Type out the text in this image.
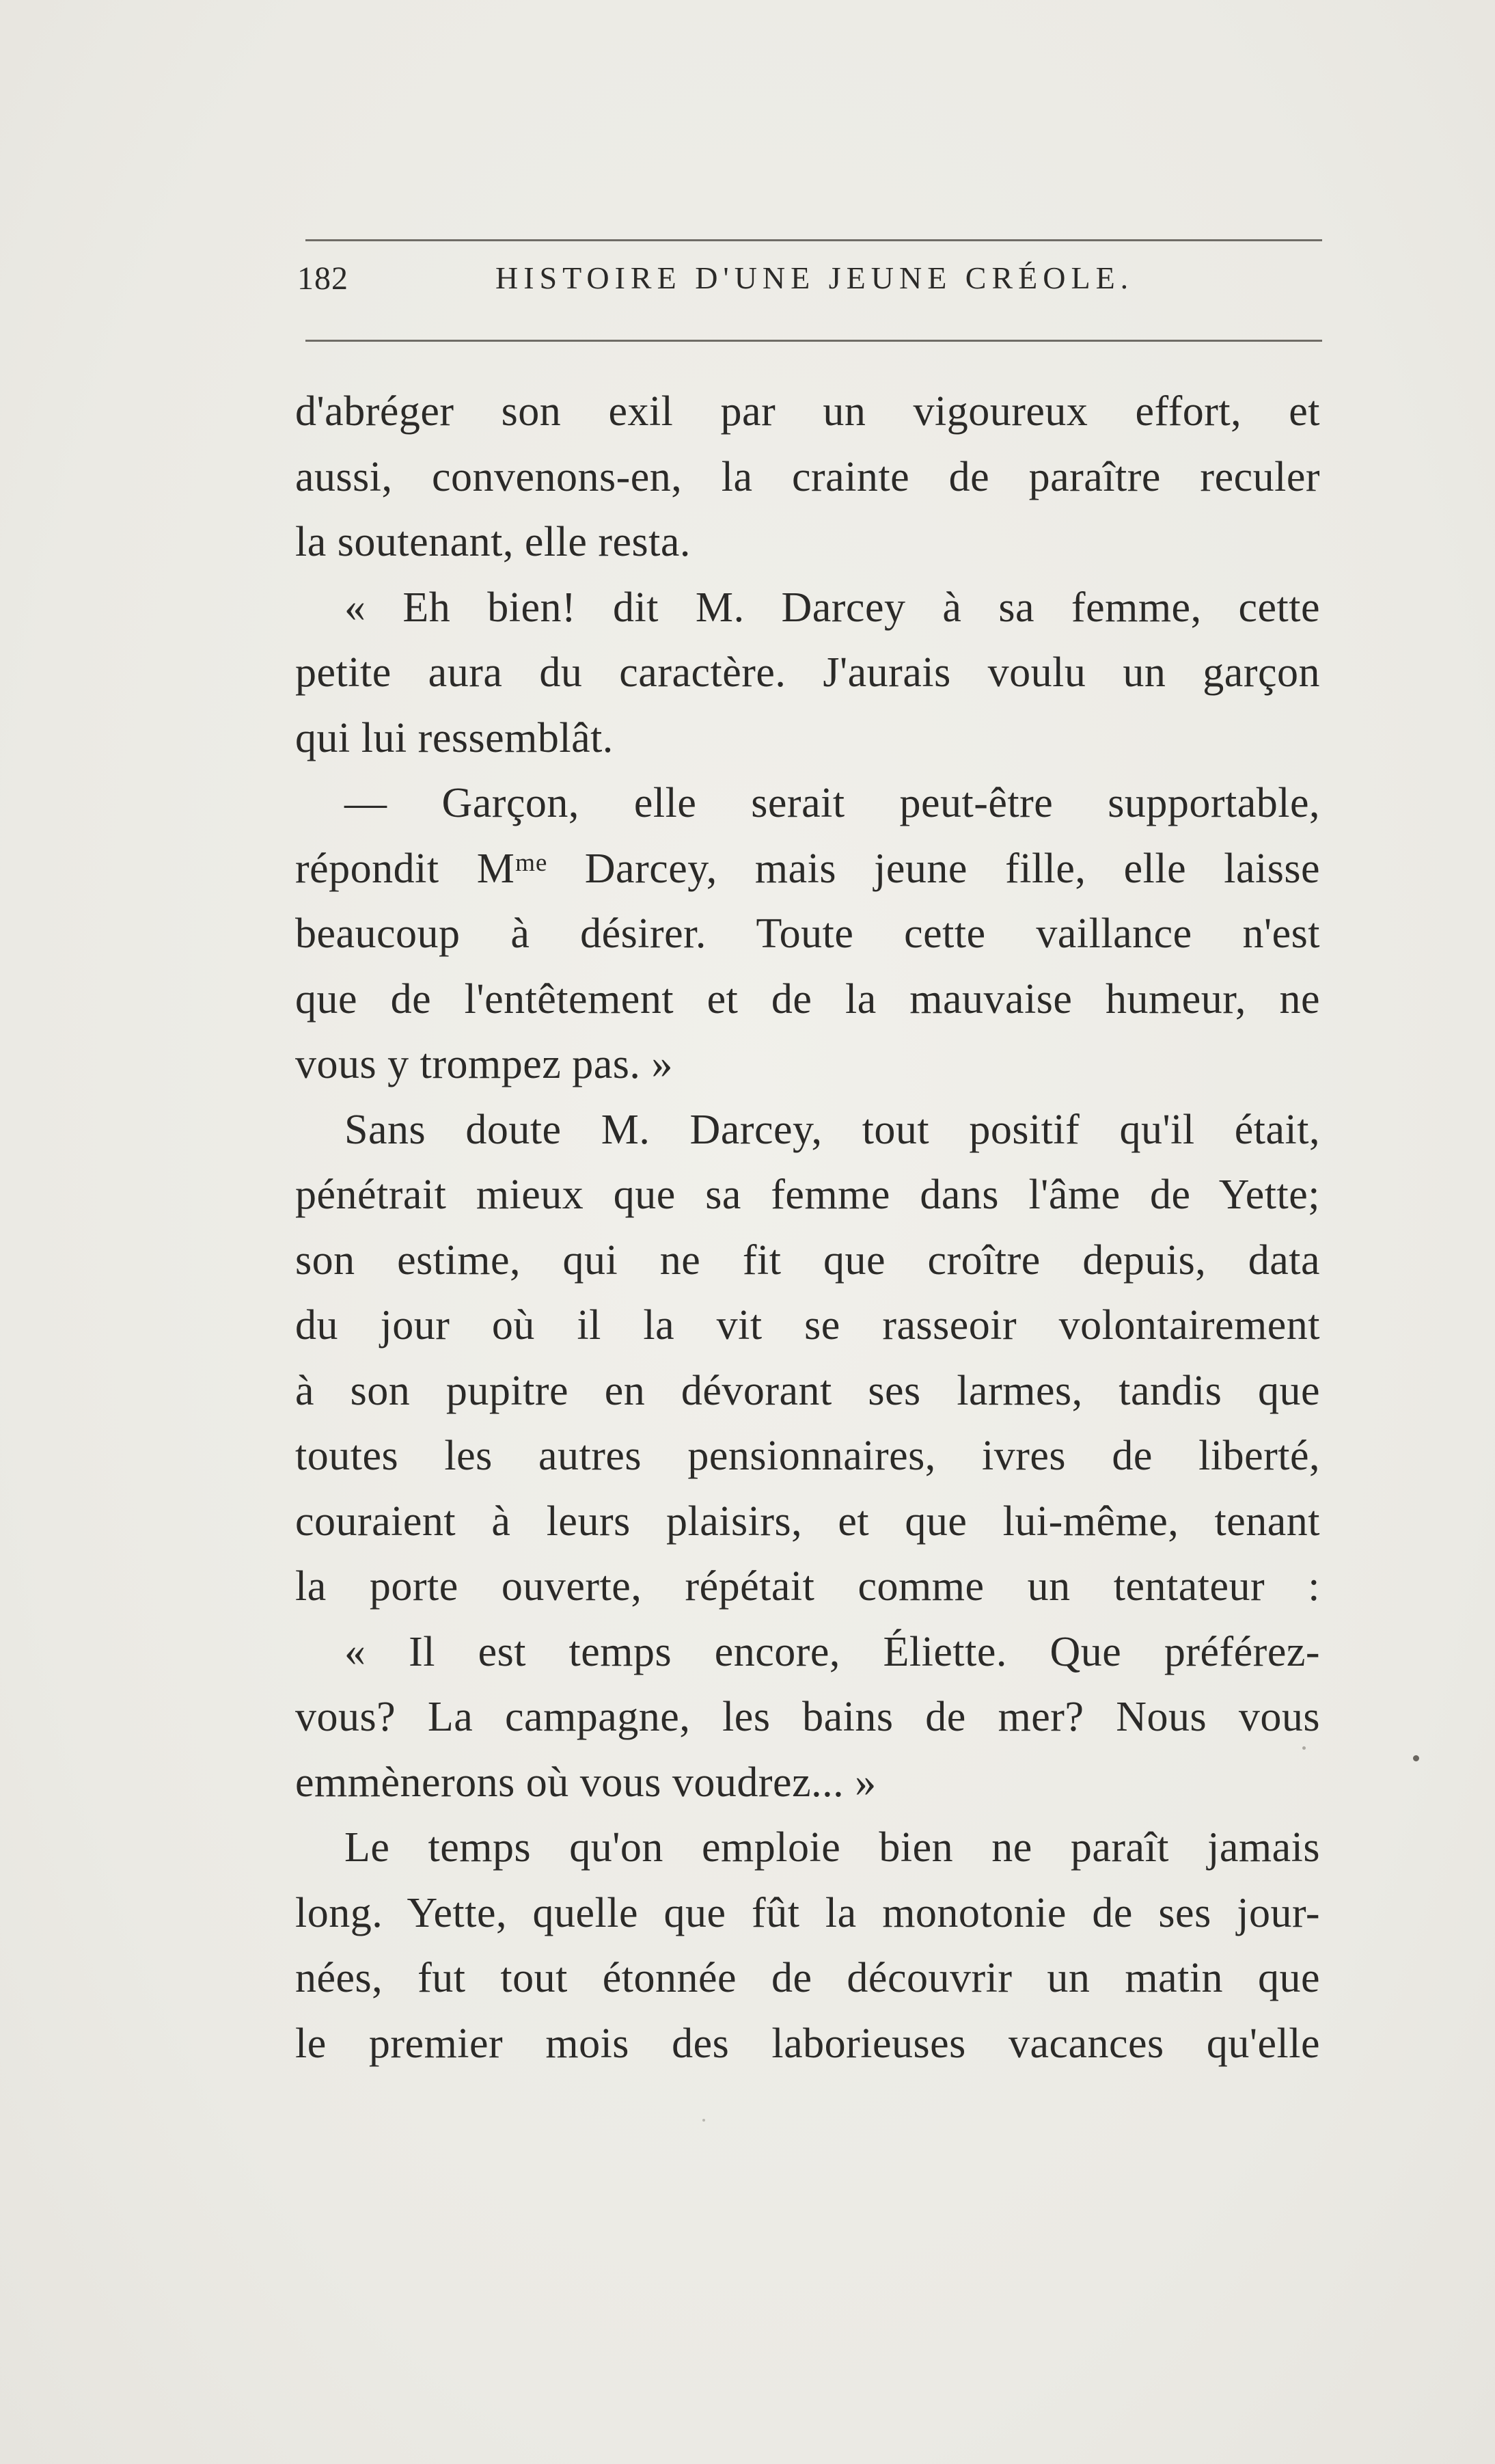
182	HISTOIRE D'UNE JEUNE CRÉOLE.
d'abréger son exil par un vigoureux effort, et
aussi, convenons-en, la crainte de paraître reculer
la soutenant, elle resta.
« Eh bien! dit M. Darcey à sa femme, cette
petite aura du caractère. J'aurais voulu un garçon
qui lui ressemblât.
— Garçon, elle serait peut-être supportable,
répondit Mᵐᵉ Darcey, mais jeune fille, elle laisse
beaucoup à désirer. Toute cette vaillance n'est
que de l'entêtement et de la mauvaise humeur, ne
vous y trompez pas. »
Sans doute M. Darcey, tout positif qu'il était,
pénétrait mieux que sa femme dans l'âme de Yette;
son estime, qui ne fit que croître depuis, data
du jour où il la vit se rasseoir volontairement
à son pupitre en dévorant ses larmes, tandis que
toutes les autres pensionnaires, ivres de liberté,
couraient à leurs plaisirs, et que lui-même, tenant
la porte ouverte, répétait comme un tentateur :
« Il est temps encore, Éliette. Que préférez-
vous? La campagne, les bains de mer? Nous vous
emmènerons où vous voudrez... »
Le temps qu'on emploie bien ne paraît jamais
long. Yette, quelle que fût la monotonie de ses jour-
nées, fut tout étonnée de découvrir un matin que
le premier mois des laborieuses vacances qu'elle
